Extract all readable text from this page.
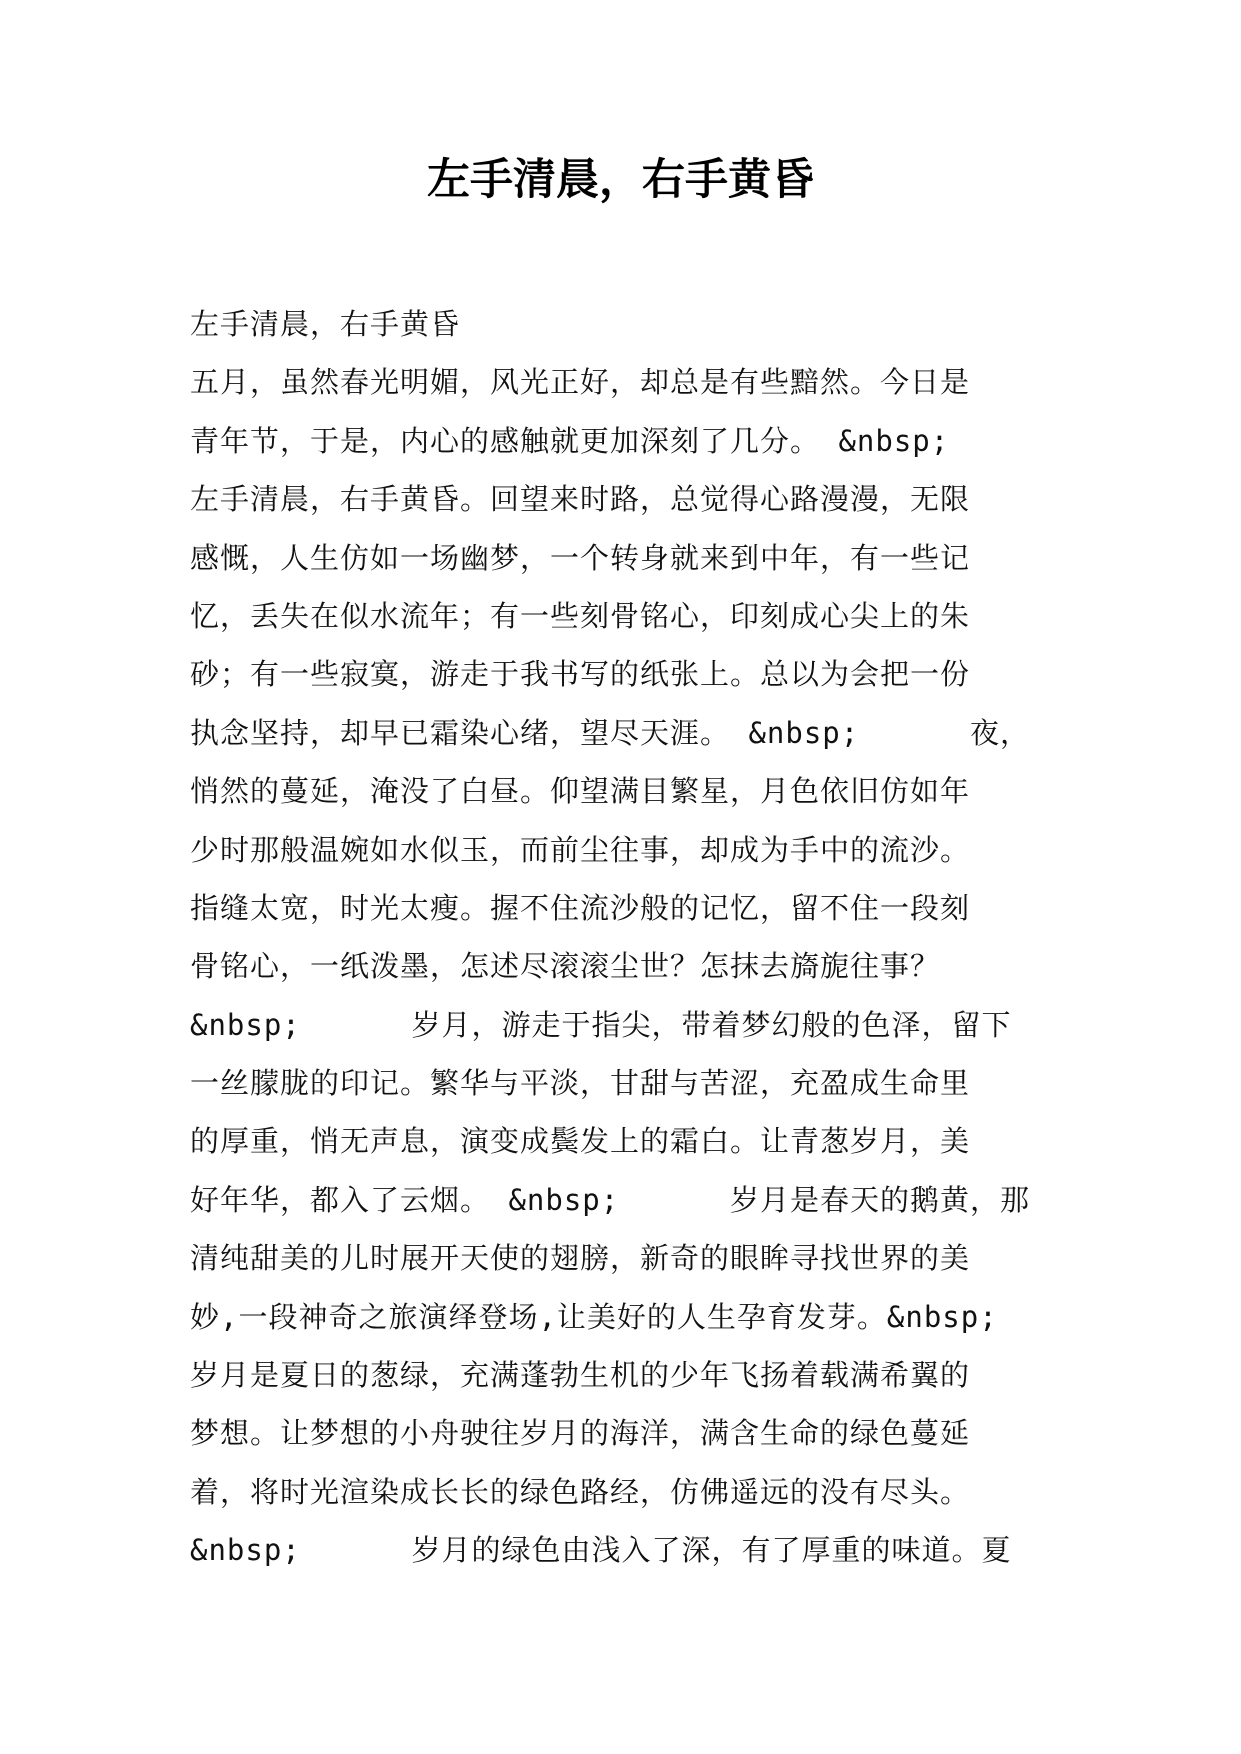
左手清晨，右手黄昏
左手清晨，右手黄昏
五月，虽然春光明媚，风光正好，却总是有些黯然。今日是
青年节，于是，内心的感触就更加深刻了几分。 &nbsp;
左手清晨，右手黄昏。回望来时路，总觉得心路漫漫，无限
感慨，人生仿如一场幽梦，一个转身就来到中年，有一些记
忆，丢失在似水流年；有一些刻骨铭心，印刻成心尖上的朱
砂；有一些寂寞，游走于我书写的纸张上。总以为会把一份
执念坚持，却早已霜染心绪，望尽天涯。 &nbsp;      夜，
悄然的蔓延，淹没了白昼。仰望满目繁星，月色依旧仿如年
少时那般温婉如水似玉，而前尘往事，却成为手中的流沙。
指缝太宽，时光太瘦。握不住流沙般的记忆，留不住一段刻
骨铭心，一纸泼墨，怎述尽滚滚尘世？怎抹去旖旎往事？
&nbsp;      岁月，游走于指尖，带着梦幻般的色泽，留下
一丝朦胧的印记。繁华与平淡，甘甜与苦涩，充盈成生命里
的厚重，悄无声息，演变成鬓发上的霜白。让青葱岁月，美
好年华，都入了云烟。 &nbsp;      岁月是春天的鹅黄，那
清纯甜美的儿时展开天使的翅膀，新奇的眼眸寻找世界的美
妙,一段神奇之旅演绎登场,让美好的人生孕育发芽。&nbsp;
岁月是夏日的葱绿，充满蓬勃生机的少年飞扬着载满希翼的
梦想。让梦想的小舟驶往岁月的海洋，满含生命的绿色蔓延
着，将时光渲染成长长的绿色路经，仿佛遥远的没有尽头。
&nbsp;      岁月的绿色由浅入了深，有了厚重的味道。夏
